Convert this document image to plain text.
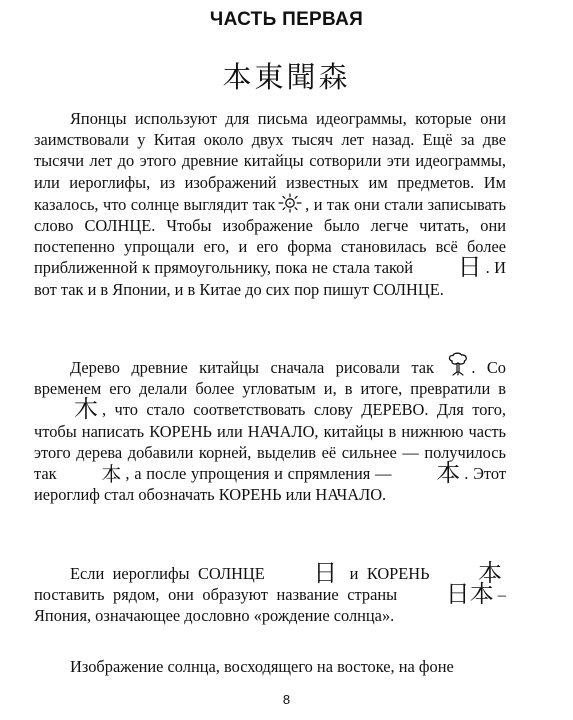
ЧАСТЬ ПЕРВАЯ
本東聞森

Японцы используют для письма идеограммы, которые они заимствовали у Китая около двух тысяч лет назад. Ещё за две тысячи лет до этого древние китайцы сотворили эти идеограммы, или иероглифы, из изображений известных им предметов. Им казалось, что солнце выглядит так , и так они стали записывать слово СОЛНЦЕ. Чтобы изображение было легче читать, они постепенно упрощали его, и его форма становилась всё более приближенной к прямоугольнику, пока не стала такой 日 . И вот так и в Японии, и в Китае до сих пор пишут СОЛНЦЕ.

Дерево древние китайцы сначала рисовали так . Со временем его делали более угловатым и, в итоге, превратили в 木 , что стало соответствовать слову ДЕРЕВО. Для того, чтобы написать КОРЕНЬ или НАЧАЛО, китайцы в нижнюю часть этого дерева добавили корней, выделив её сильнее — получилось так 本 , а после упрощения и спрямления — 本 . Этот иероглиф стал обозначать КОРЕНЬ или НАЧАЛО.

Если иероглифы СОЛНЦЕ 日 и КОРЕНЬ 本 поставить рядом, они образуют название страны 日本 – Япония, означающее дословно «рождение солнца».

Изображение солнца, восходящего на востоке, на фоне

8
